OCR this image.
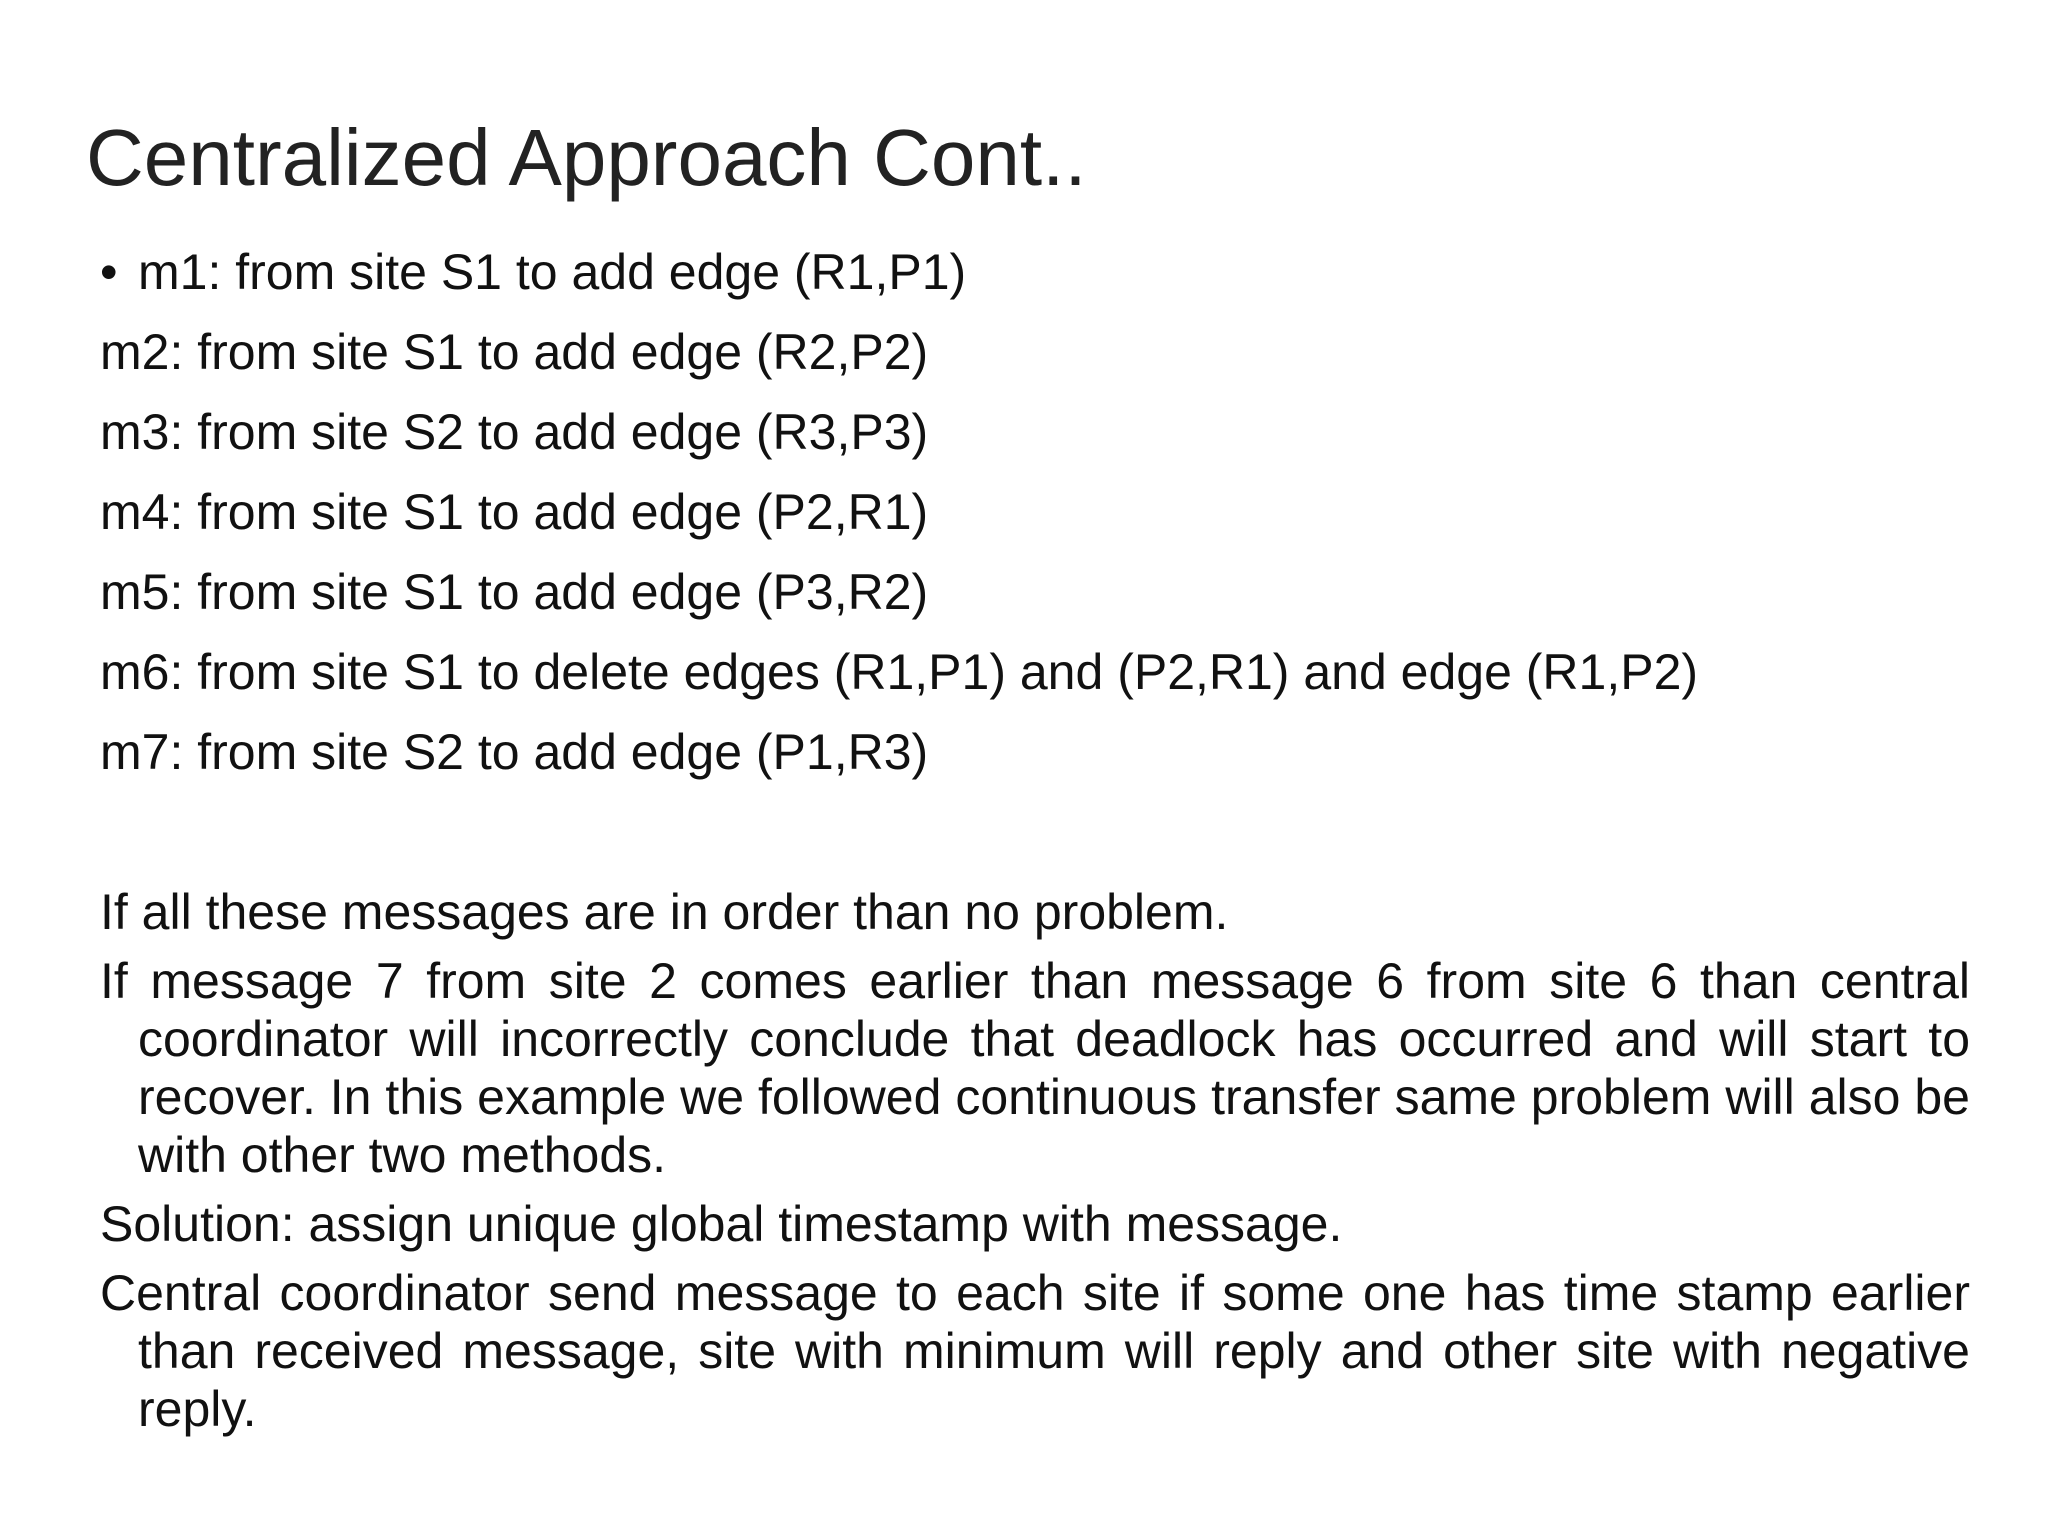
Centralized Approach Cont..
• m1: from site S1 to add edge (R1,P1)
m2: from site S1 to add edge (R2,P2)
m3: from site S2 to add edge (R3,P3)
m4: from site S1 to add edge (P2,R1)
m5: from site S1 to add edge (P3,R2)
m6: from site S1 to delete edges (R1,P1) and (P2,R1) and edge (R1,P2)
m7: from site S2 to add edge (P1,R3)
If all these messages are in order than no problem.
If message 7 from site 2 comes earlier than message 6 from site 6 than central coordinator will incorrectly conclude that deadlock has occurred and will start to recover. In this example we followed continuous transfer same problem will also be with other two methods.
Solution: assign unique global timestamp with message.
Central coordinator send message to each site if some one has time stamp earlier than received message, site with minimum will reply and other site with negative reply.
